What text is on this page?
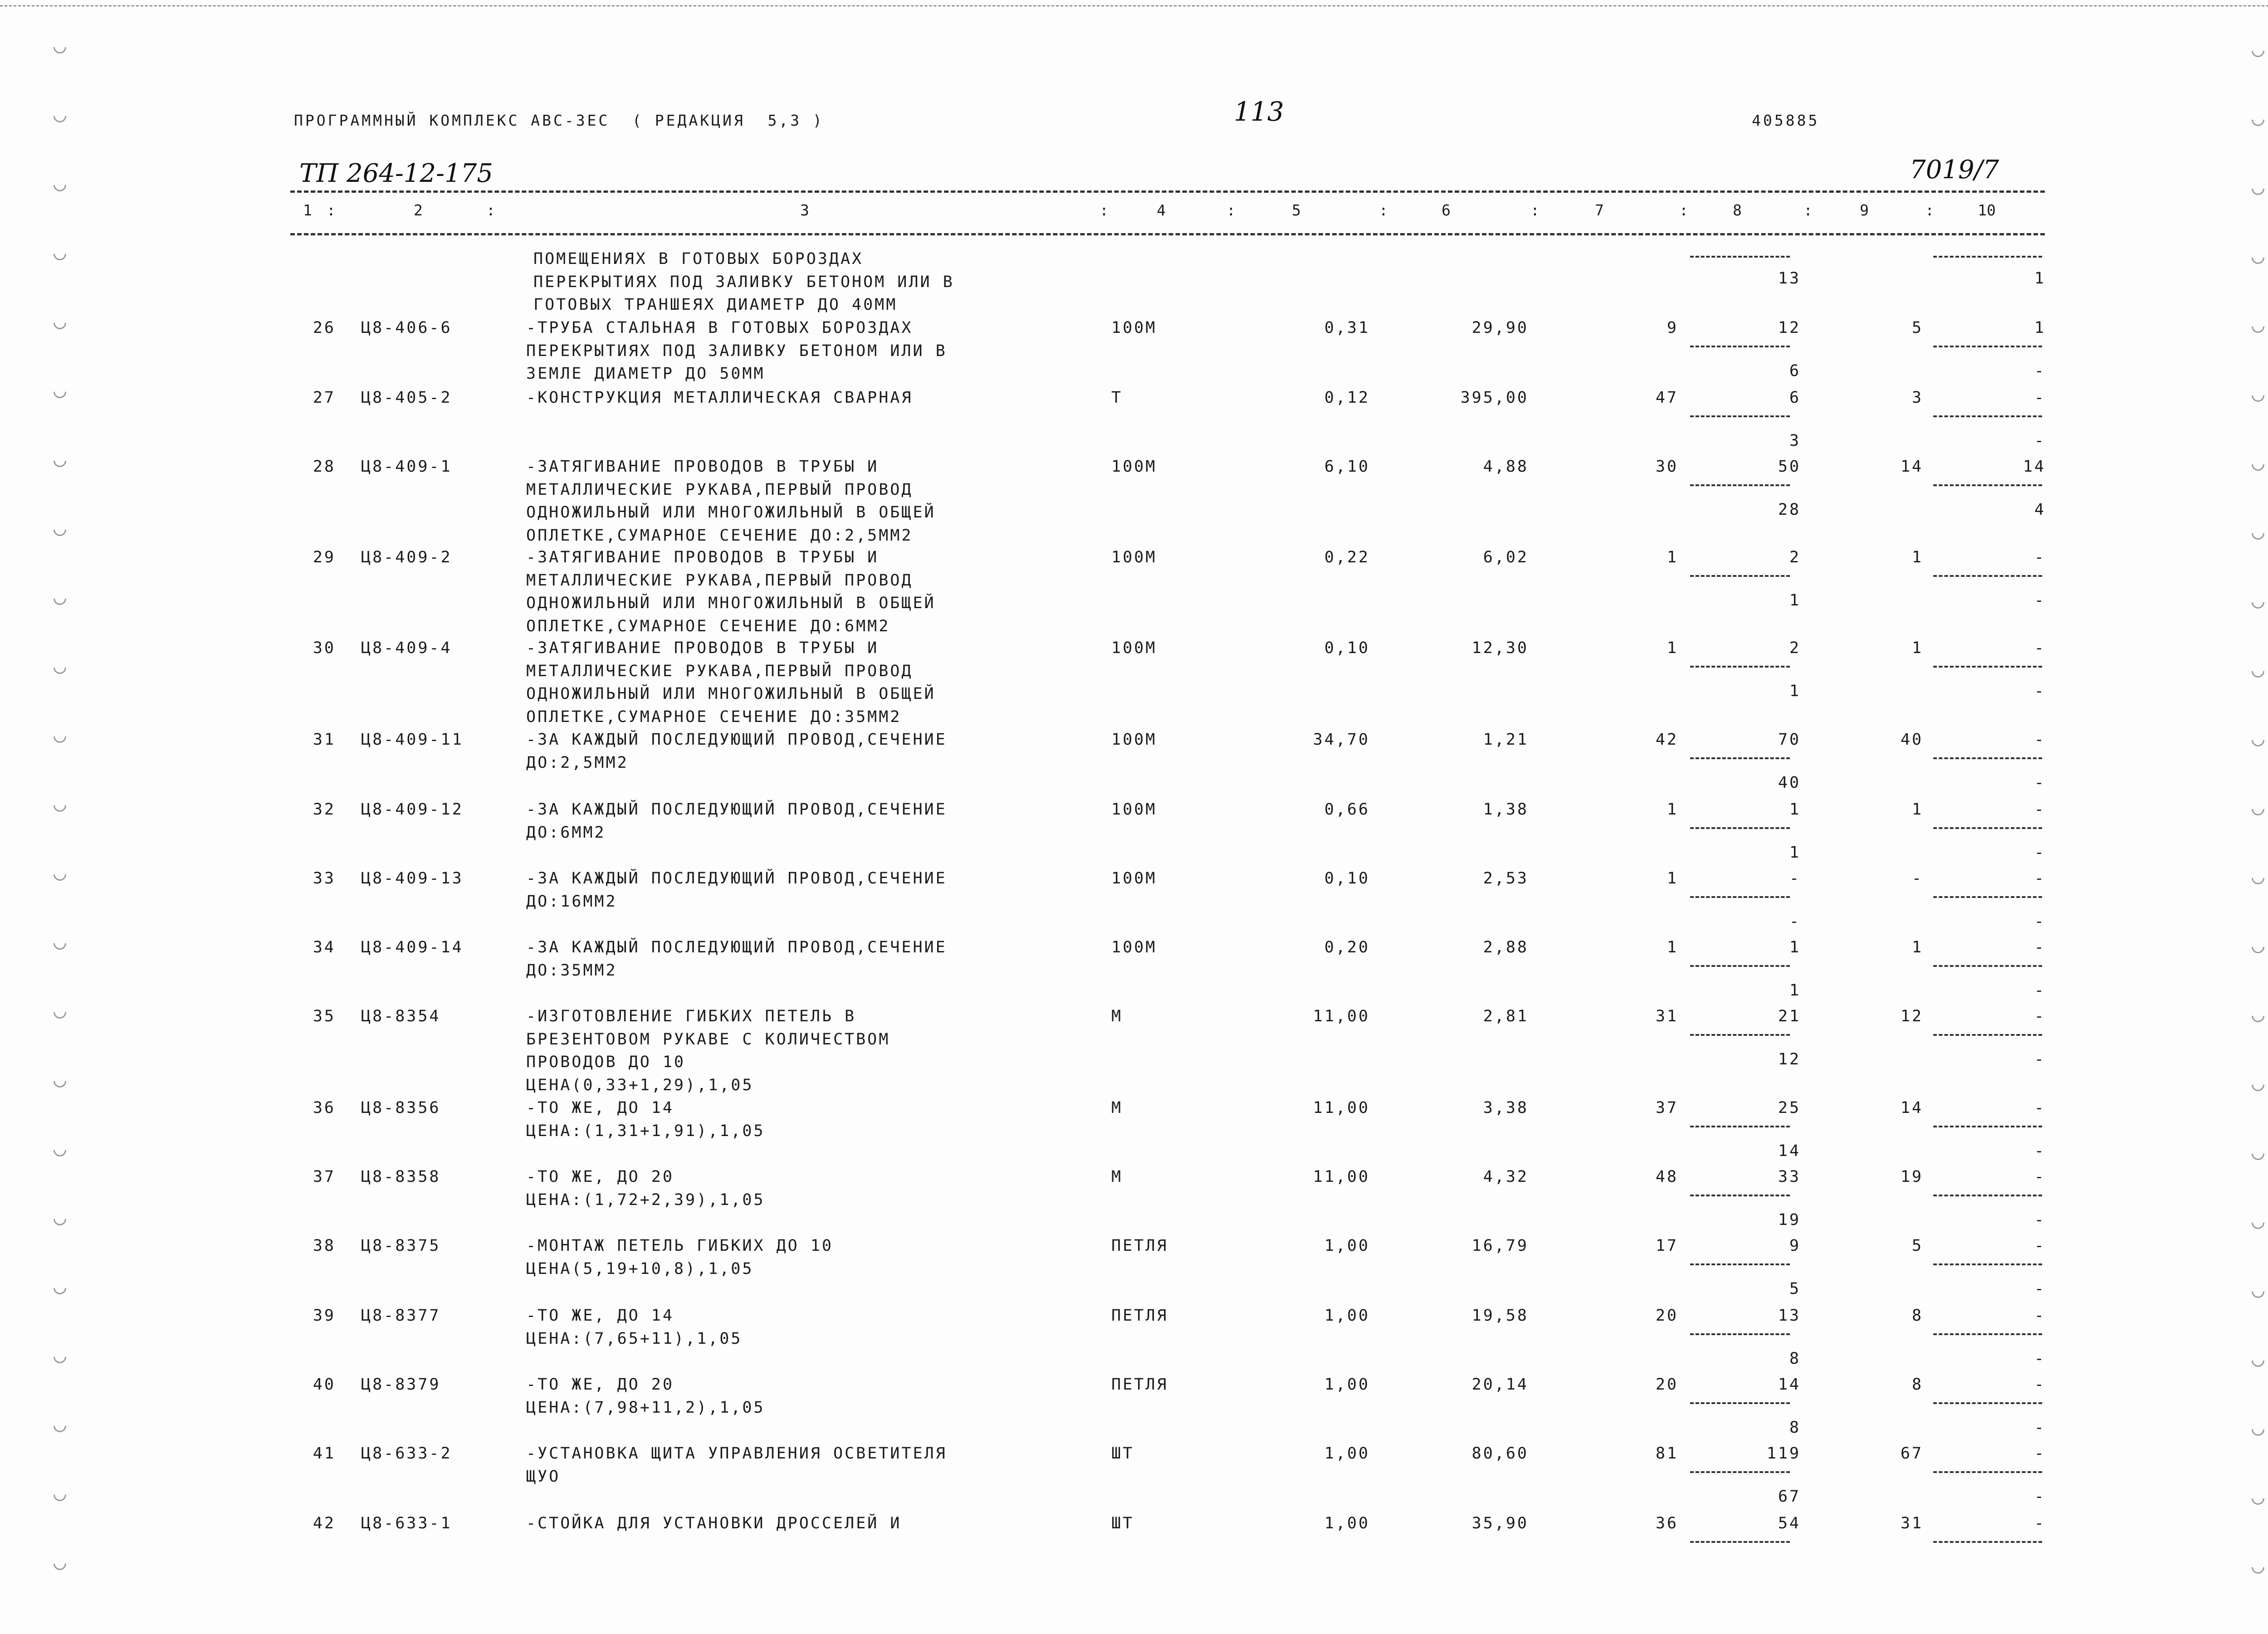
ПРОГРАММНЫЙ КОМПЛЕКС АВС-3ЕС  ( РЕДАКЦИЯ  5,3 )	113	405885
ТП 264-12-175	7019/7
1 :	2	:	3	:	4	:	5	:	6	:	7	:	8	:	9	:	10
ПОМЕЩЕНИЯХ В ГОТОВЫХ БОРОЗДАХ
ПЕРЕКРЫТИЯХ ПОД ЗАЛИВКУ БЕТОНОМ ИЛИ В
ГОТОВЫХ ТРАНШЕЯХ ДИАМЕТР ДО 40ММ
13	1
26 Ц8-406-6	-ТРУБА СТАЛЬНАЯ В ГОТОВЫХ БОРОЗДАХ
ПЕРЕКРЫТИЯХ ПОД ЗАЛИВКУ БЕТОНОМ ИЛИ В
ЗЕМЛЕ ДИАМЕТР ДО 50ММ
100М	0,31	29,90	9	12	5	1
6	-
27 Ц8-405-2	-КОНСТРУКЦИЯ МЕТАЛЛИЧЕСКАЯ СВАРНАЯ	Т	0,12	395,00	47	6	3	-
3	-
28 Ц8-409-1	-ЗАТЯГИВАНИЕ ПРОВОДОВ В ТРУБЫ И
МЕТАЛЛИЧЕСКИЕ РУКАВА,ПЕРВЫЙ ПРОВОД
ОДНОЖИЛЬНЫЙ ИЛИ МНОГОЖИЛЬНЫЙ В ОБЩЕЙ
ОПЛЕТКЕ,СУМАРНОЕ СЕЧЕНИЕ ДО:2,5ММ2
100М	6,10	4,88	30	50	14	14
28	4
29 Ц8-409-2	-ЗАТЯГИВАНИЕ ПРОВОДОВ В ТРУБЫ И
МЕТАЛЛИЧЕСКИЕ РУКАВА,ПЕРВЫЙ ПРОВОД
ОДНОЖИЛЬНЫЙ ИЛИ МНОГОЖИЛЬНЫЙ В ОБЩЕЙ
ОПЛЕТКЕ,СУМАРНОЕ СЕЧЕНИЕ ДО:6ММ2
100М	0,22	6,02	1	2	1	-
1	-
30 Ц8-409-4	-ЗАТЯГИВАНИЕ ПРОВОДОВ В ТРУБЫ И
МЕТАЛЛИЧЕСКИЕ РУКАВА,ПЕРВЫЙ ПРОВОД
ОДНОЖИЛЬНЫЙ ИЛИ МНОГОЖИЛЬНЫЙ В ОБЩЕЙ
ОПЛЕТКЕ,СУМАРНОЕ СЕЧЕНИЕ ДО:35ММ2
100М	0,10	12,30	1	2	1	-
1	-
31 Ц8-409-11	-ЗА КАЖДЫЙ ПОСЛЕДУЮЩИЙ ПРОВОД,СЕЧЕНИЕ
ДО:2,5ММ2
100М	34,70	1,21	42	70	40	-
40	-
32 Ц8-409-12	-ЗА КАЖДЫЙ ПОСЛЕДУЮЩИЙ ПРОВОД,СЕЧЕНИЕ
ДО:6ММ2
100М	0,66	1,38	1	1	1	-
1	-
33 Ц8-409-13	-ЗА КАЖДЫЙ ПОСЛЕДУЮЩИЙ ПРОВОД,СЕЧЕНИЕ
ДО:16ММ2
100М	0,10	2,53	1	-	-	-
-	-
34 Ц8-409-14	-ЗА КАЖДЫЙ ПОСЛЕДУЮЩИЙ ПРОВОД,СЕЧЕНИЕ
ДО:35ММ2
100М	0,20	2,88	1	1	1	-
1	-
35 Ц8-8354	-ИЗГОТОВЛЕНИЕ ГИБКИХ ПЕТЕЛЬ В
БРЕЗЕНТОВОМ РУКАВЕ С КОЛИЧЕСТВОМ
ПРОВОДОВ ДО 10
ЦЕНА(0,33+1,29),1,05
М	11,00	2,81	31	21	12	-
12	-
36 Ц8-8356	-ТО ЖЕ, ДО 14
ЦЕНА:(1,31+1,91),1,05
М	11,00	3,38	37	25	14	-
14	-
37 Ц8-8358	-ТО ЖЕ, ДО 20
ЦЕНА:(1,72+2,39),1,05
М	11,00	4,32	48	33	19	-
19	-
38 Ц8-8375	-МОНТАЖ ПЕТЕЛЬ ГИБКИХ ДО 10
ЦЕНА(5,19+10,8),1,05
ПЕТЛЯ	1,00	16,79	17	9	5	-
5	-
39 Ц8-8377	-ТО ЖЕ, ДО 14
ЦЕНА:(7,65+11),1,05
ПЕТЛЯ	1,00	19,58	20	13	8	-
8	-
40 Ц8-8379	-ТО ЖЕ, ДО 20
ЦЕНА:(7,98+11,2),1,05
ПЕТЛЯ	1,00	20,14	20	14	8	-
8	-
41 Ц8-633-2	-УСТАНОВКА ЩИТА УПРАВЛЕНИЯ ОСВЕТИТЕЛЯ
ЩУО
ШТ	1,00	80,60	81	119	67	-
67	-
42 Ц8-633-1	-СТОЙКА ДЛЯ УСТАНОВКИ ДРОССЕЛЕЙ И	ШТ	1,00	35,90	36	54	31	-
